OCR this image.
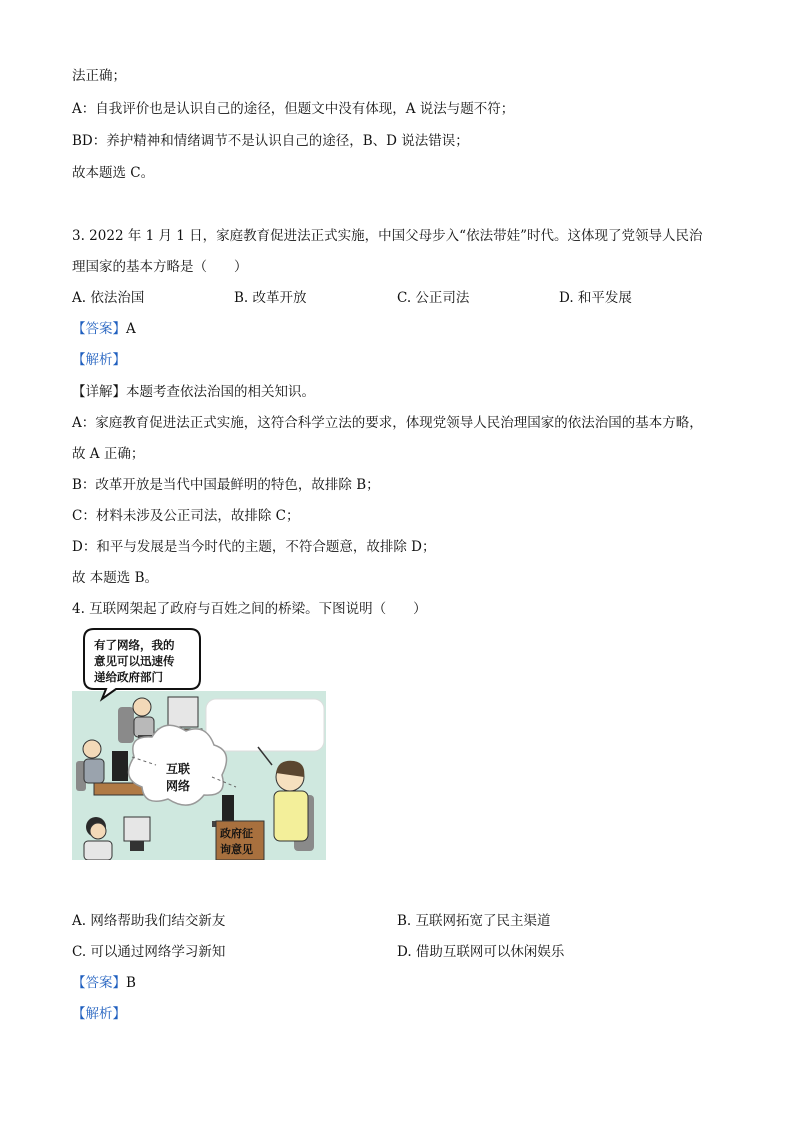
法正确；
A：自我评价也是认识自己的途径，但题文中没有体现，A 说法与题不符；
BD：养护精神和情绪调节不是认识自己的途径，B、D 说法错误；
故本题选 C。
3. 2022 年 1 月 1 日，家庭教育促进法正式实施，中国父母步入“依法带娃”时代。这体现了党领导人民治
理国家的基本方略是（　　）
A. 依法治国	B. 改革开放	C. 公正司法	D. 和平发展
【答案】A
【解析】
【详解】本题考查依法治国的相关知识。
A：家庭教育促进法正式实施，这符合科学立法的要求，体现党领导人民治理国家的依法治国的基本方略，
故 A 正确；
B：改革开放是当代中国最鲜明的特色，故排除 B；
C：材料未涉及公正司法，故排除 C；
D：和平与发展是当今时代的主题，不符合题意，故排除 D；
故 本题选 B。
4. 互联网架起了政府与百姓之间的桥梁。下图说明（　　）
有了网络，我的
意见可以迅速传
递给政府部门
互联
网络
政府征
询意见
A. 网络帮助我们结交新友	B. 互联网拓宽了民主渠道
C. 可以通过网络学习新知	D. 借助互联网可以休闲娱乐
【答案】B
【解析】
